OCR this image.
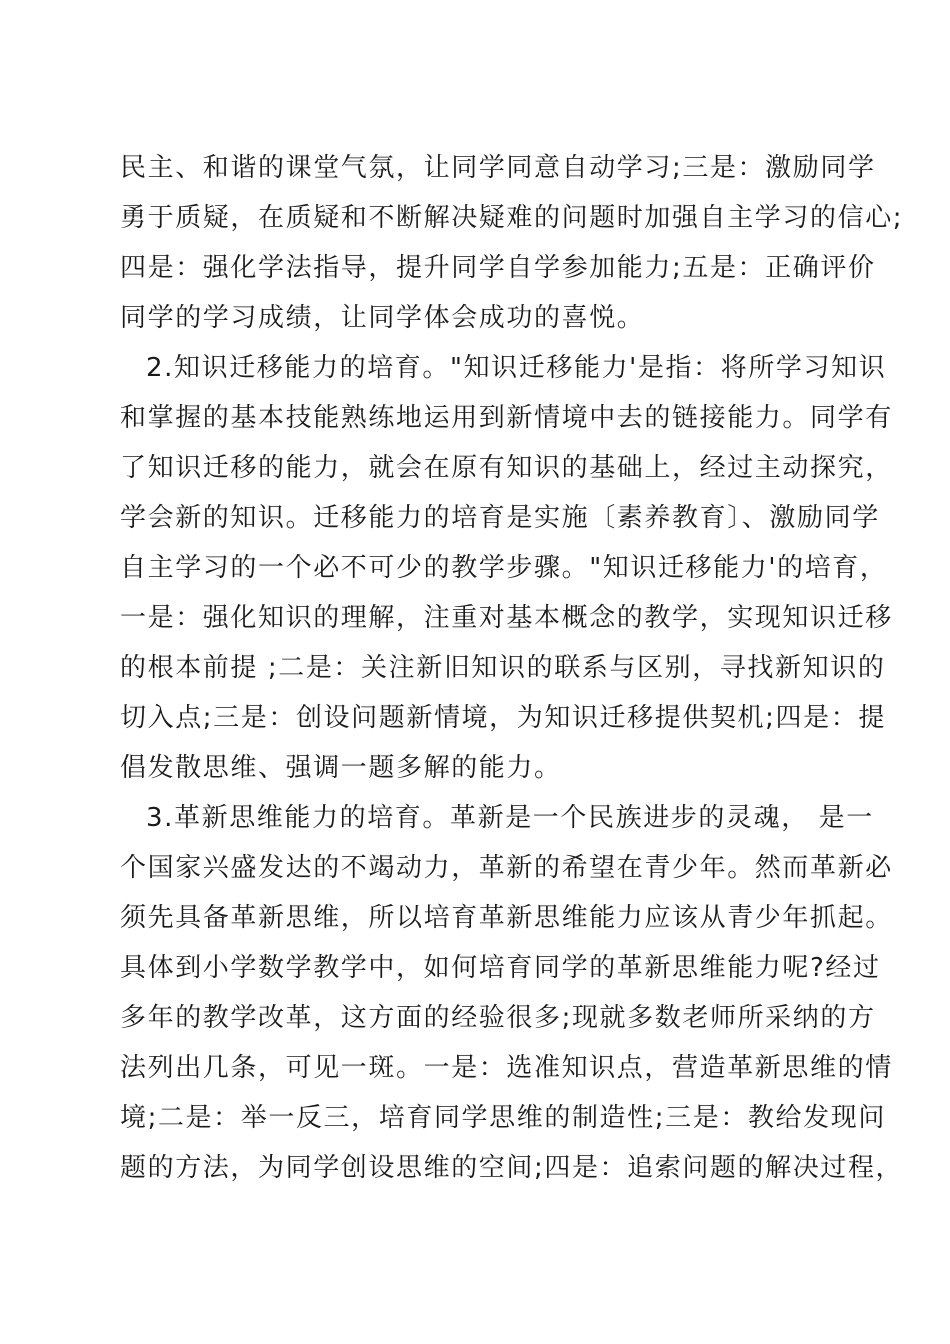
民主、和谐的课堂气氛，让同学同意自动学习;三是：激励同学
勇于质疑，在质疑和不断解决疑难的问题时加强自主学习的信心;
四是：强化学法指导，提升同学自学参加能力;五是：正确评价
同学的学习成绩，让同学体会成功的喜悦。
2.知识迁移能力的培育。"知识迁移能力'是指：将所学习知识
和掌握的基本技能熟练地运用到新情境中去的链接能力。同学有
了知识迁移的能力，就会在原有知识的基础上，经过主动探究，
学会新的知识。迁移能力的培育是实施〔素养教育〕、激励同学
自主学习的一个必不可少的教学步骤。"知识迁移能力'的培育，
一是：强化知识的理解，注重对基本概念的教学，实现知识迁移
的根本前提 ;二是：关注新旧知识的联系与区别，寻找新知识的
切入点;三是：创设问题新情境，为知识迁移提供契机;四是：提
倡发散思维、强调一题多解的能力。
3.革新思维能力的培育。革新是一个民族进步的灵魂， 是一
个国家兴盛发达的不竭动力，革新的希望在青少年。然而革新必
须先具备革新思维，所以培育革新思维能力应该从青少年抓起。
具体到小学数学教学中，如何培育同学的革新思维能力呢?经过
多年的教学改革，这方面的经验很多;现就多数老师所采纳的方
法列出几条，可见一斑。一是：选准知识点，营造革新思维的情
境;二是：举一反三，培育同学思维的制造性;三是：教给发现问
题的方法，为同学创设思维的空间;四是：追索问题的解决过程，
